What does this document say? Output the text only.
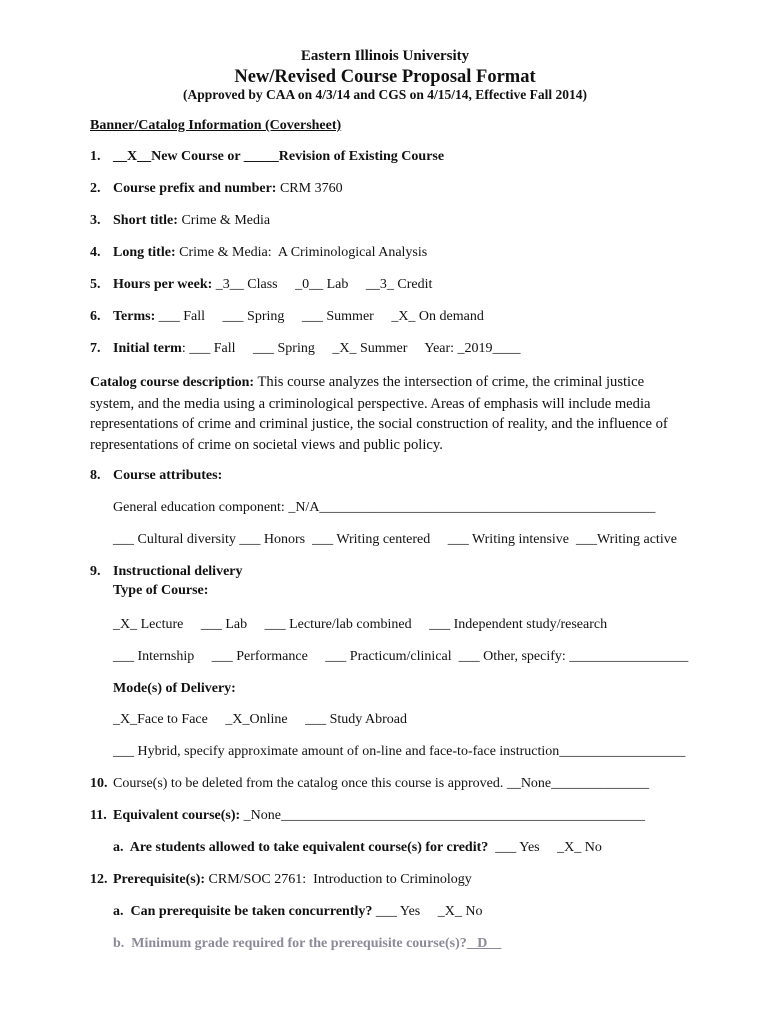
Eastern Illinois University
New/Revised Course Proposal Format
(Approved by CAA on 4/3/14 and CGS on 4/15/14, Effective Fall 2014)
Banner/Catalog Information (Coversheet)
1. __X__New Course or _____Revision of Existing Course
2. Course prefix and number: CRM 3760
3. Short title: Crime & Media
4. Long title: Crime & Media:  A Criminological Analysis
5. Hours per week: _3__ Class     _0__ Lab     __3_ Credit
6. Terms: ___ Fall     ___ Spring     ___ Summer     _X_ On demand
7. Initial term: ___ Fall     ___ Spring     _X_ Summer     Year: _2019____
Catalog course description: This course analyzes the intersection of crime, the criminal justice system, and the media using a criminological perspective. Areas of emphasis will include media representations of crime and criminal justice, the social construction of reality, and the influence of representations of crime on societal views and public policy.
8. Course attributes:
General education component: _N/A________________________________________________
___ Cultural diversity ___ Honors  ___ Writing centered     ___ Writing intensive  ___Writing active
9. Instructional delivery
Type of Course:
_X_ Lecture     ___ Lab     ___ Lecture/lab combined     ___ Independent study/research
___ Internship     ___ Performance     ___ Practicum/clinical  ___ Other, specify: _________________
Mode(s) of Delivery:
_X_Face to Face     _X_Online     ___ Study Abroad
___ Hybrid, specify approximate amount of on-line and face-to-face instruction__________________
10. Course(s) to be deleted from the catalog once this course is approved. __None______________
11. Equivalent course(s): _None____________________________________________________
a.  Are students allowed to take equivalent course(s) for credit?  ___ Yes     _X_ No
12. Prerequisite(s): CRM/SOC 2761:  Introduction to Criminology
a.  Can prerequisite be taken concurrently? ___ Yes     _X_ No
b.  Minimum grade required for the prerequisite course(s)? _D__
